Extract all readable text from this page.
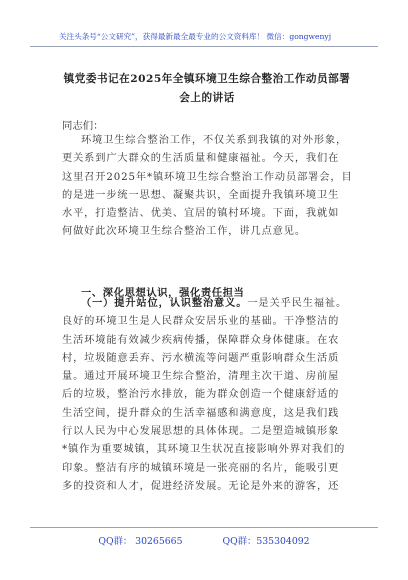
关注头条号“公文研究”，获得最新最全最专业的公文资料库！ 微信：gongwenyj
镇党委书记在2025年全镇环境卫生综合整治工作动员部署
会上的讲话
同志们：
环境卫生综合整治工作，不仅关系到我镇的对外形象，
更关系到广大群众的生活质量和健康福祉。今天，我们在
这里召开2025年*镇环境卫生综合整治工作动员部署会，目
的是进一步统一思想、凝聚共识，全面提升我镇环境卫生
水平，打造整洁、优美、宜居的镇村环境。下面，我就如
何做好此次环境卫生综合整治工作，讲几点意见。
一、深化思想认识，强化责任担当
（一）提升站位，认识整治意义。一是关乎民生福祉。
良好的环境卫生是人民群众安居乐业的基础。干净整洁的
生活环境能有效减少疾病传播，保障群众身体健康。在农
村，垃圾随意丢弃、污水横流等问题严重影响群众生活质
量。通过开展环境卫生综合整治，清理主次干道、房前屋
后的垃圾，整治污水排放，能为群众创造一个健康舒适的
生活空间，提升群众的生活幸福感和满意度，这是我们践
行以人民为中心发展思想的具体体现。二是塑造城镇形象
*镇作为重要城镇，其环境卫生状况直接影响外界对我们的
印象。整洁有序的城镇环境是一张亮丽的名片，能吸引更
多的投资和人才，促进经济发展。无论是外来的游客，还
QQ群： 30265665	QQ群：535304092
